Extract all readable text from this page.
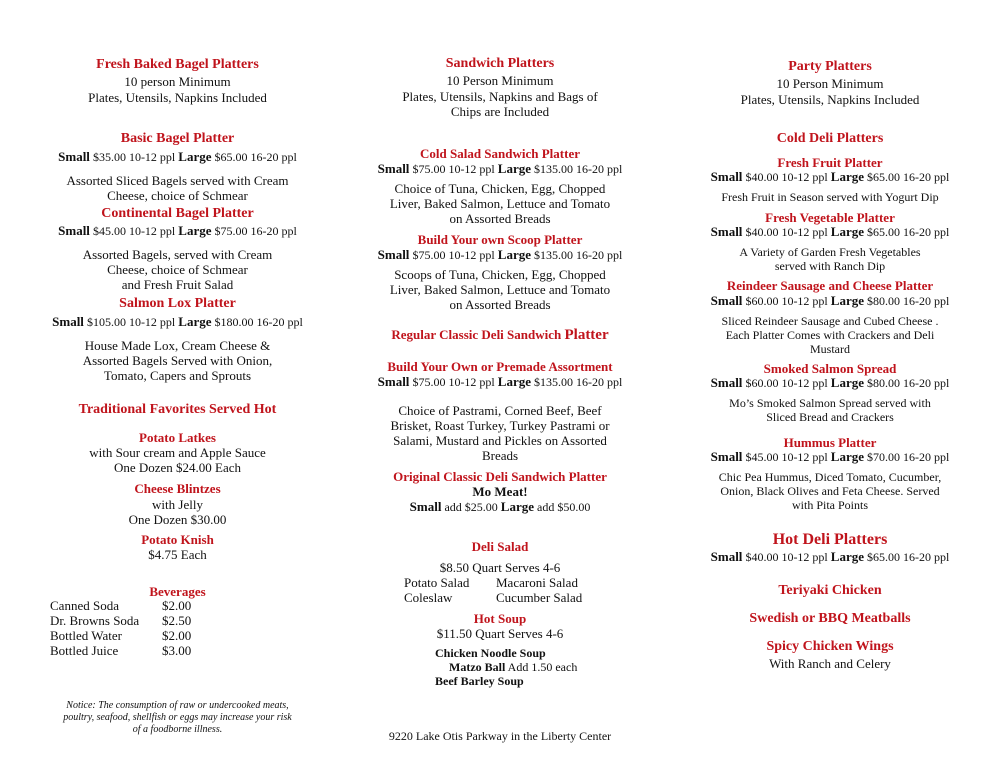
Fresh Baked Bagel Platters
10 person Minimum
Plates, Utensils, Napkins Included
Basic Bagel Platter
Small $35.00 10-12 ppl Large $65.00 16-20 ppl
Assorted Sliced Bagels served with Cream
Cheese, choice of Schmear
Continental Bagel Platter
Small $45.00 10-12 ppl Large $75.00 16-20 ppl
Assorted Bagels, served with Cream
Cheese, choice of Schmear
and Fresh Fruit Salad
Salmon Lox Platter
Small $105.00 10-12 ppl Large $180.00 16-20 ppl
House Made Lox, Cream Cheese &
Assorted Bagels Served with Onion,
Tomato, Capers and Sprouts
Traditional Favorites Served Hot
Potato Latkes
with Sour cream and Apple Sauce
One Dozen $24.00 Each
Cheese Blintzes
with Jelly
One Dozen $30.00
Potato Knish
$4.75 Each
Beverages
Canned Soda	$2.00
Dr. Browns Soda	$2.50
Bottled Water	$2.00
Bottled Juice	$3.00
Notice: The consumption of raw or undercooked meats,
poultry, seafood, shellfish or eggs may increase your risk
of a foodborne illness.
Sandwich Platters
10 Person Minimum
Plates, Utensils, Napkins and Bags of
Chips are Included
Cold Salad Sandwich Platter
Small $75.00 10-12 ppl Large $135.00 16-20 ppl
Choice of Tuna, Chicken, Egg, Chopped
Liver, Baked Salmon, Lettuce and Tomato
on Assorted Breads
Build Your own Scoop Platter
Small $75.00 10-12 ppl Large $135.00 16-20 ppl
Scoops of Tuna, Chicken, Egg, Chopped
Liver, Baked Salmon, Lettuce and Tomato
on Assorted Breads
Regular Classic Deli Sandwich Platter
Build Your Own or Premade Assortment
Small $75.00 10-12 ppl Large $135.00 16-20 ppl
Choice of Pastrami, Corned Beef, Beef
Brisket, Roast Turkey, Turkey Pastrami or
Salami, Mustard and Pickles on Assorted
Breads
Original Classic Deli Sandwich Platter
Mo Meat!
Small add $25.00 Large add $50.00
Deli Salad
$8.50 Quart Serves 4-6
Potato Salad	Macaroni Salad
Coleslaw	Cucumber Salad
Hot Soup
$11.50 Quart Serves 4-6
Chicken Noodle Soup
Matzo Ball Add 1.50 each
Beef Barley Soup
9220 Lake Otis Parkway in the Liberty Center
Party Platters
10 Person Minimum
Plates, Utensils, Napkins Included
Cold Deli Platters
Fresh Fruit Platter
Small $40.00 10-12 ppl Large $65.00 16-20 ppl
Fresh Fruit in Season served with Yogurt Dip
Fresh Vegetable Platter
Small $40.00 10-12 ppl Large $65.00 16-20 ppl
A Variety of Garden Fresh Vegetables
served with Ranch Dip
Reindeer Sausage and Cheese Platter
Small $60.00 10-12 ppl Large $80.00 16-20 ppl
Sliced Reindeer Sausage and Cubed Cheese .
Each Platter Comes with Crackers and Deli
Mustard
Smoked Salmon Spread
Small $60.00 10-12 ppl Large $80.00 16-20 ppl
Mo’s Smoked Salmon Spread served with
Sliced Bread and Crackers
Hummus Platter
Small $45.00 10-12 ppl Large $70.00 16-20 ppl
Chic Pea Hummus, Diced Tomato, Cucumber,
Onion, Black Olives and Feta Cheese. Served
with Pita Points
Hot Deli Platters
Small $40.00 10-12 ppl Large $65.00 16-20 ppl
Teriyaki Chicken
Swedish or BBQ Meatballs
Spicy Chicken Wings
With Ranch and Celery
